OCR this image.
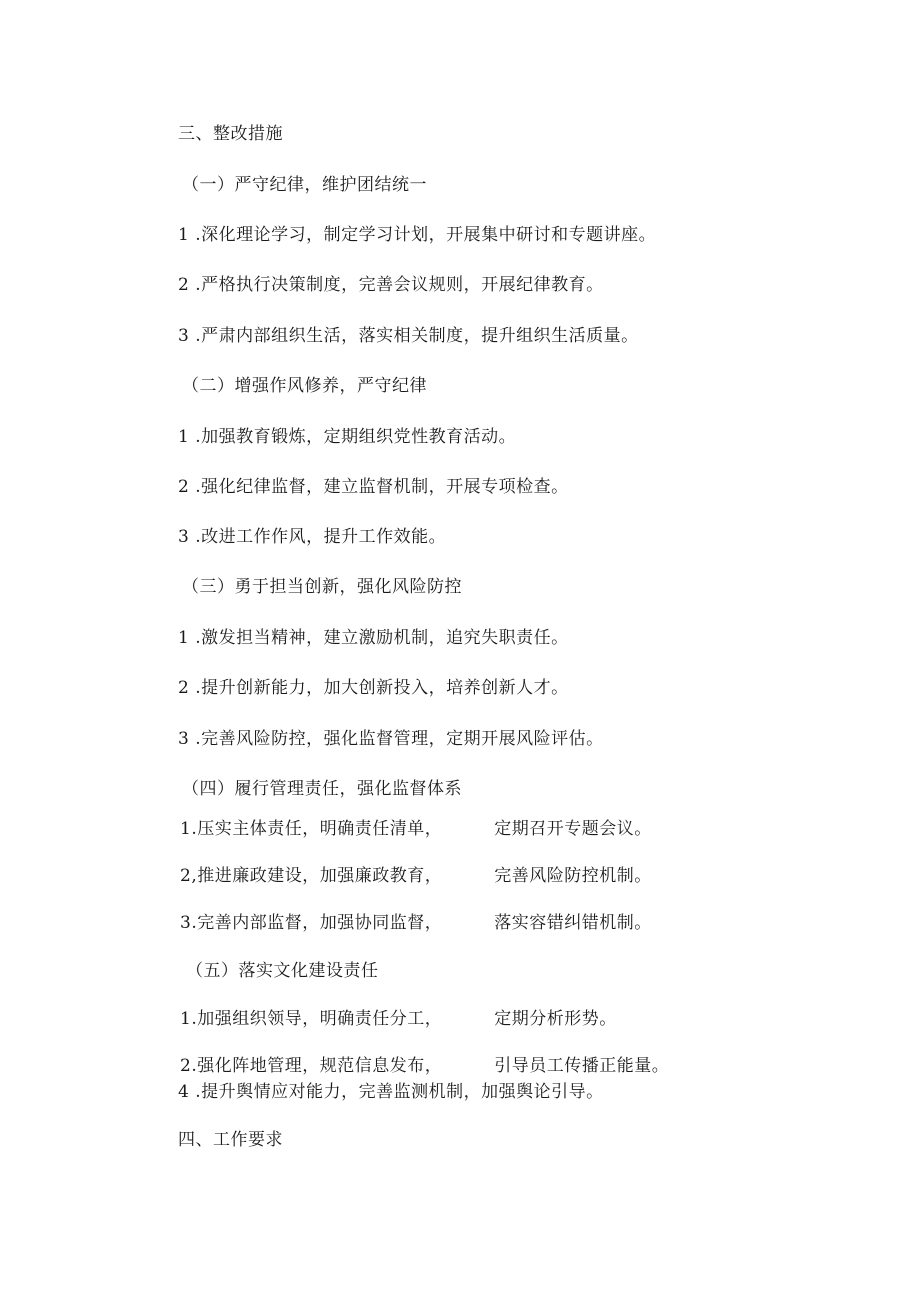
三、整改措施
（一）严守纪律，维护团结统一
1 .深化理论学习，制定学习计划，开展集中研讨和专题讲座。
2 .严格执行决策制度，完善会议规则，开展纪律教育。
3 .严肃内部组织生活，落实相关制度，提升组织生活质量。
（二）增强作风修养，严守纪律
1 .加强教育锻炼，定期组织党性教育活动。
2 .强化纪律监督，建立监督机制，开展专项检查。
3 .改进工作作风，提升工作效能。
（三）勇于担当创新，强化风险防控
1 .激发担当精神，建立激励机制，追究失职责任。
2 .提升创新能力，加大创新投入，培养创新人才。
3 .完善风险防控，强化监督管理，定期开展风险评估。
（四）履行管理责任，强化监督体系
1.压实主体责任，明确责任清单，	定期召开专题会议。
2,推进廉政建设，加强廉政教育，	完善风险防控机制。
3.完善内部监督，加强协同监督，	落实容错纠错机制。
（五）落实文化建设责任
1.加强组织领导，明确责任分工，	定期分析形势。
2.强化阵地管理，规范信息发布，	引导员工传播正能量。
4 .提升舆情应对能力，完善监测机制，加强舆论引导。
四、工作要求
